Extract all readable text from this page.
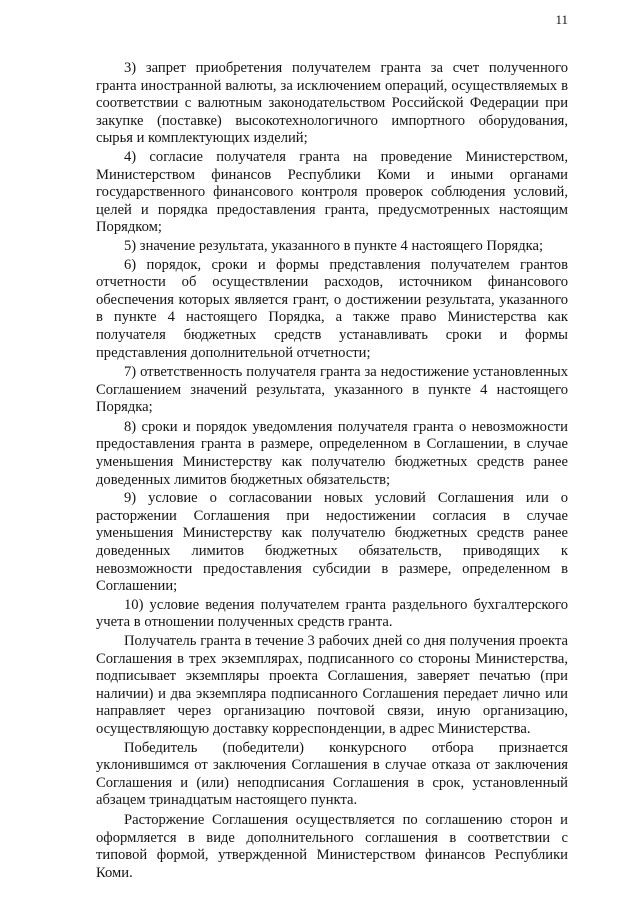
11

3) запрет приобретения получателем гранта за счет полученного гранта иностранной валюты, за исключением операций, осуществляемых в соответствии с валютным законодательством Российской Федерации при закупке (поставке) высокотехнологичного импортного оборудования, сырья и комплектующих изделий;

4) согласие получателя гранта на проведение Министерством, Министерством финансов Республики Коми и иными органами государственного финансового контроля проверок соблюдения условий, целей и порядка предоставления гранта, предусмотренных настоящим Порядком;

5) значение результата, указанного в пункте 4 настоящего Порядка;

6) порядок, сроки и формы представления получателем грантов отчетности об осуществлении расходов, источником финансового обеспечения которых является грант, о достижении результата, указанного в пункте 4 настоящего Порядка, а также право Министерства как получателя бюджетных средств устанавливать сроки и формы представления дополнительной отчетности;

7) ответственность получателя гранта за недостижение установленных Соглашением значений результата, указанного в пункте 4 настоящего Порядка;

8) сроки и порядок уведомления получателя гранта о невозможности предоставления гранта в размере, определенном в Соглашении, в случае уменьшения Министерству как получателю бюджетных средств ранее доведенных лимитов бюджетных обязательств;

9) условие о согласовании новых условий Соглашения или о расторжении Соглашения при недостижении согласия в случае уменьшения Министерству как получателю бюджетных средств ранее доведенных лимитов бюджетных обязательств, приводящих к невозможности предоставления субсидии в размере, определенном в Соглашении;

10) условие ведения получателем гранта раздельного бухгалтерского учета в отношении полученных средств гранта.

Получатель гранта в течение 3 рабочих дней со дня получения проекта Соглашения в трех экземплярах, подписанного со стороны Министерства, подписывает экземпляры проекта Соглашения, заверяет печатью (при наличии) и два экземпляра подписанного Соглашения передает лично или направляет через организацию почтовой связи, иную организацию, осуществляющую доставку корреспонденции, в адрес Министерства.

Победитель (победители) конкурсного отбора признается уклонившимся от заключения Соглашения в случае отказа от заключения Соглашения и (или) неподписания Соглашения в срок, установленный абзацем тринадцатым настоящего пункта.

Расторжение Соглашения осуществляется по соглашению сторон и оформляется в виде дополнительного соглашения в соответствии с типовой формой, утвержденной Министерством финансов Республики Коми.
